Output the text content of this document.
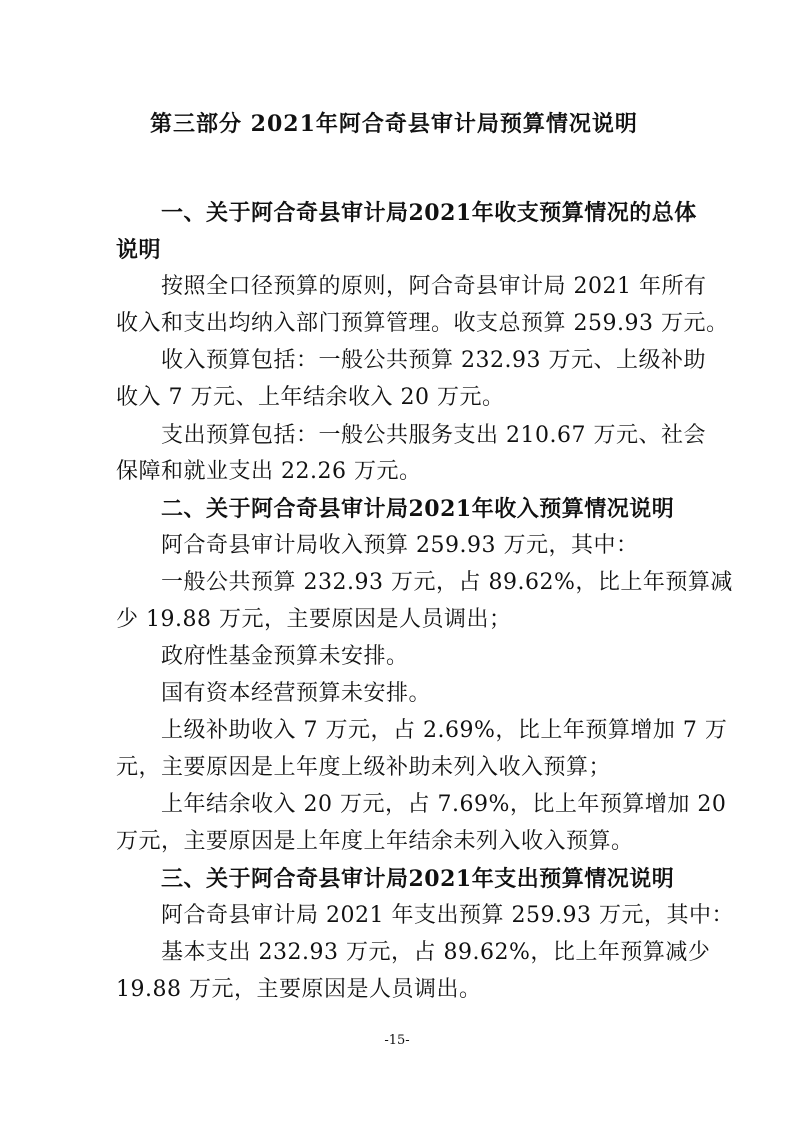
第三部分 2021年阿合奇县审计局预算情况说明
一、关于阿合奇县审计局2021年收支预算情况的总体
说明
按照全口径预算的原则，阿合奇县审计局 2021 年所有
收入和支出均纳入部门预算管理。收支总预算 259.93 万元。
收入预算包括：一般公共预算 232.93 万元、上级补助
收入 7 万元、上年结余收入 20 万元。
支出预算包括：一般公共服务支出 210.67 万元、社会
保障和就业支出 22.26 万元。
二、关于阿合奇县审计局2021年收入预算情况说明
阿合奇县审计局收入预算 259.93 万元，其中：
一般公共预算 232.93 万元，占 89.62%，比上年预算减
少 19.88 万元，主要原因是人员调出；
政府性基金预算未安排。
国有资本经营预算未安排。
上级补助收入 7 万元，占 2.69%，比上年预算增加 7 万
元，主要原因是上年度上级补助未列入收入预算；
上年结余收入 20 万元，占 7.69%，比上年预算增加 20
万元，主要原因是上年度上年结余未列入收入预算。
三、关于阿合奇县审计局2021年支出预算情况说明
阿合奇县审计局 2021 年支出预算 259.93 万元，其中：
基本支出 232.93 万元，占 89.62%，比上年预算减少
19.88 万元，主要原因是人员调出。
-15-
